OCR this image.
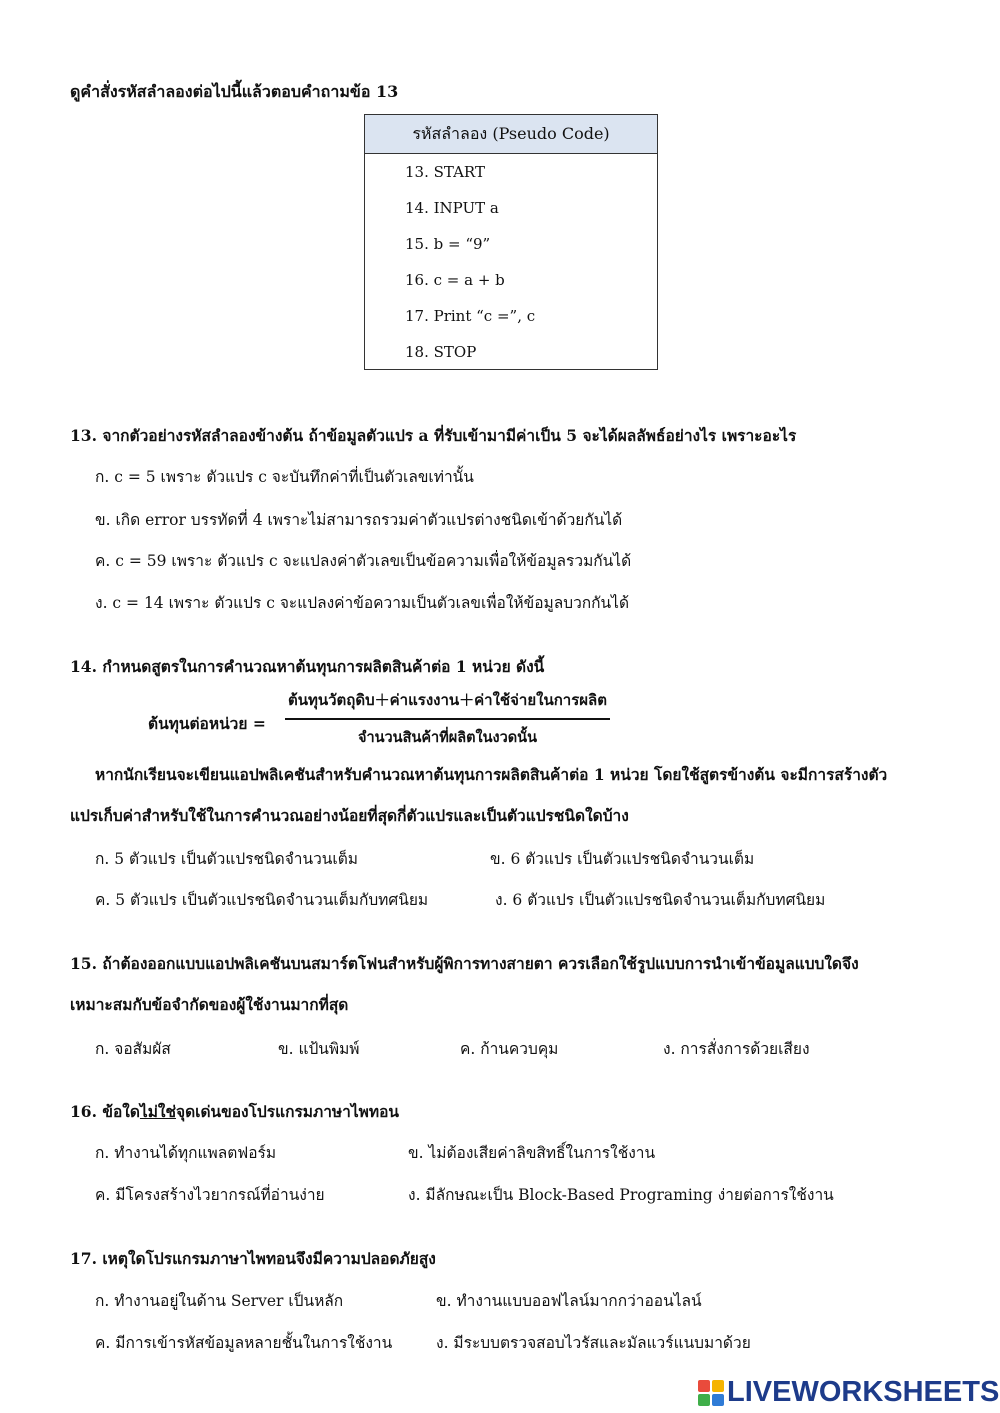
ดูคำสั่งรหัสลำลองต่อไปนี้แล้วตอบคำถามข้อ 13
รหัสลำลอง (Pseudo Code)
13. START
14. INPUT a
15. b = “9”
16. c = a + b
17. Print “c =”, c
18. STOP
13. จากตัวอย่างรหัสลำลองข้างต้น ถ้าข้อมูลตัวแปร a ที่รับเข้ามามีค่าเป็น 5 จะได้ผลลัพธ์อย่างไร เพราะอะไร
ก. c = 5 เพราะ ตัวแปร c จะบันทึกค่าที่เป็นตัวเลขเท่านั้น
ข. เกิด error บรรทัดที่ 4 เพราะไม่สามารถรวมค่าตัวแปรต่างชนิดเข้าด้วยกันได้
ค. c = 59 เพราะ ตัวแปร c จะแปลงค่าตัวเลขเป็นข้อความเพื่อให้ข้อมูลรวมกันได้
ง. c = 14 เพราะ ตัวแปร c จะแปลงค่าข้อความเป็นตัวเลขเพื่อให้ข้อมูลบวกกันได้
14. กำหนดสูตรในการคำนวณหาต้นทุนการผลิตสินค้าต่อ 1 หน่วย ดังนี้
ต้นทุนต่อหน่วย =
ต้นทุนวัตถุดิบ＋ค่าแรงงาน＋ค่าใช้จ่ายในการผลิต
จำนวนสินค้าที่ผลิตในงวดนั้น
หากนักเรียนจะเขียนแอปพลิเคชันสำหรับคำนวณหาต้นทุนการผลิตสินค้าต่อ 1 หน่วย โดยใช้สูตรข้างต้น จะมีการสร้างตัว
แปรเก็บค่าสำหรับใช้ในการคำนวณอย่างน้อยที่สุดกี่ตัวแปรและเป็นตัวแปรชนิดใดบ้าง
ก. 5 ตัวแปร เป็นตัวแปรชนิดจำนวนเต็ม	ข. 6 ตัวแปร เป็นตัวแปรชนิดจำนวนเต็ม
ค. 5 ตัวแปร เป็นตัวแปรชนิดจำนวนเต็มกับทศนิยม	ง. 6 ตัวแปร เป็นตัวแปรชนิดจำนวนเต็มกับทศนิยม
15. ถ้าต้องออกแบบแอปพลิเคชันบนสมาร์ตโฟนสำหรับผู้พิการทางสายตา ควรเลือกใช้รูปแบบการนำเข้าข้อมูลแบบใดจึง
เหมาะสมกับข้อจำกัดของผู้ใช้งานมากที่สุด
ก. จอสัมผัส	ข. แป้นพิมพ์	ค. ก้านควบคุม	ง. การสั่งการด้วยเสียง
16. ข้อใดไม่ใช่จุดเด่นของโปรแกรมภาษาไพทอน
ก. ทำงานได้ทุกแพลตฟอร์ม	ข. ไม่ต้องเสียค่าลิขสิทธิ์ในการใช้งาน
ค. มีโครงสร้างไวยากรณ์ที่อ่านง่าย	ง. มีลักษณะเป็น Block-Based Programing ง่ายต่อการใช้งาน
17. เหตุใดโปรแกรมภาษาไพทอนจึงมีความปลอดภัยสูง
ก. ทำงานอยู่ในด้าน Server เป็นหลัก	ข. ทำงานแบบออฟไลน์มากกว่าออนไลน์
ค. มีการเข้ารหัสข้อมูลหลายชั้นในการใช้งาน	ง. มีระบบตรวจสอบไวรัสและมัลแวร์แนบมาด้วย
LIVEWORKSHEETS
